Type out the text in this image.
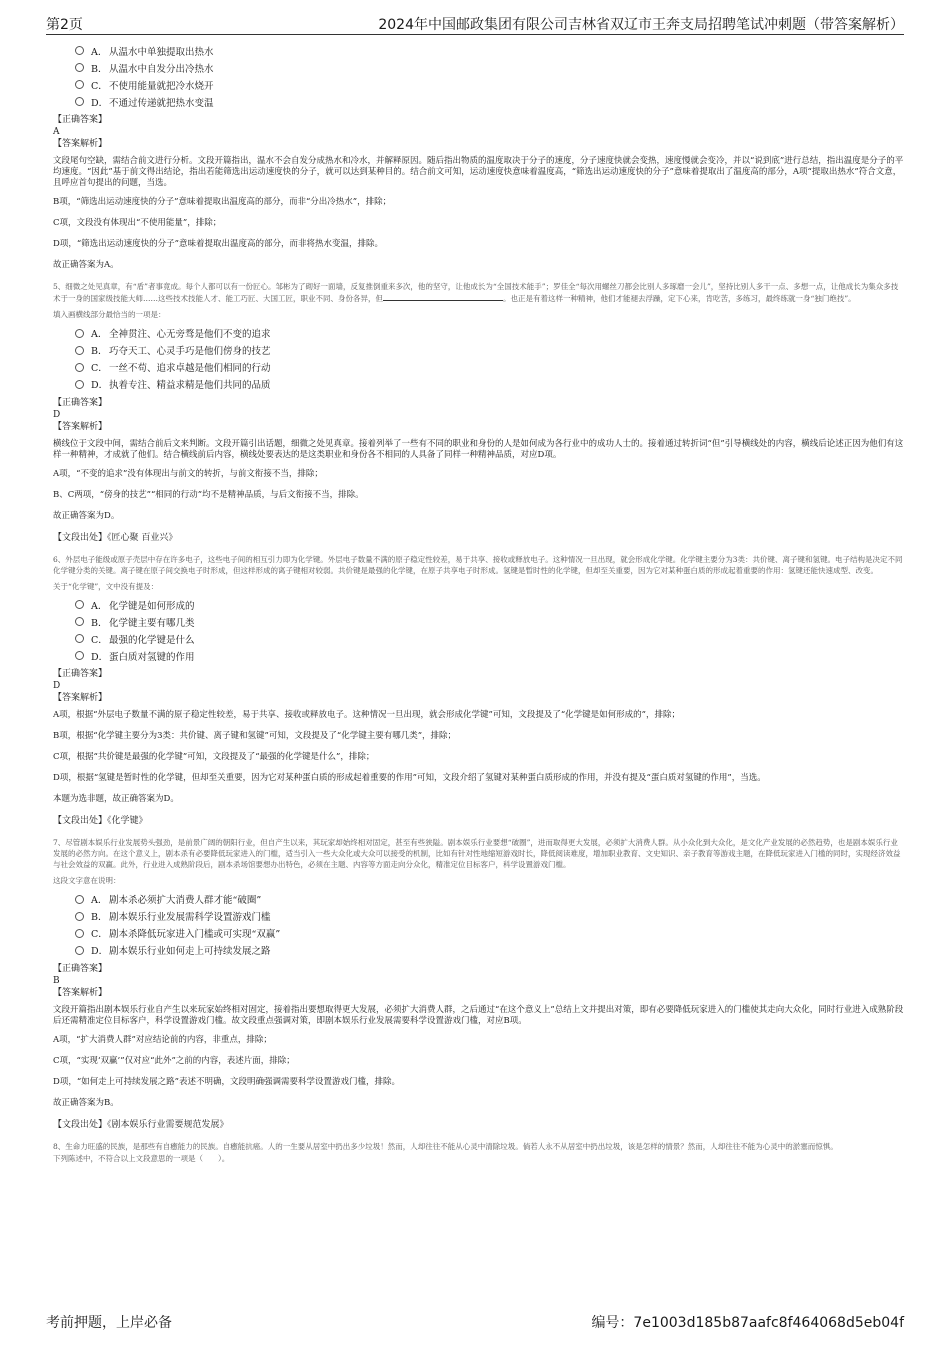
第2页	2024年中国邮政集团有限公司吉林省双辽市王奔支局招聘笔试冲刺题（带答案解析）
A． 从温水中单独提取出热水
B． 从温水中自发分出冷热水
C． 不使用能量就把冷水烧开
D． 不通过传递就把热水变温
【正确答案】
A
【答案解析】
文段尾句空缺，需结合前文进行分析。文段开篇指出，温水不会自发分成热水和冷水，并解释原因。随后指出物质的温度取决于分子的速度，分子速度快就会变热，速度慢就会变冷，并以“说到底”进行总结，指出温度是分子的平均速度。“因此”基于前文得出结论，指出若能筛选出运动速度快的分子，就可以达到某种目的。结合前文可知，运动速度快意味着温度高，“筛选出运动速度快的分子”意味着提取出了温度高的部分，A项“提取出热水”符合文意，且呼应首句提出的问题，当选。
B项，“筛选出运动速度快的分子”意味着提取出温度高的部分，而非“分出冷热水”，排除；
C项，文段没有体现出“不使用能量”，排除；
D项，“筛选出运动速度快的分子”意味着提取出温度高的部分，而非将热水变温，排除。
故正确答案为A。
5、细微之处见真章，有“盾”者事竟成。每个人都可以有一份匠心。邹彬为了砌好一面墙，反复推倒重来多次，他的坚守，让他成长为“全国技术能手”；罗佳全“每次用螺丝刀都会比别人多琢磨一会儿”，坚持比别人多干一点、多想一点，让他成长为集众多技术于一身的国家级技能大师……这些技术技能人才、能工巧匠、大国工匠，职业不同、身份各异，但	。也正是有着这样一种精神，他们才能褪去浮躁，定下心来，肯吃苦，多练习，最终练就一身“独门绝技”。
填入画横线部分最恰当的一项是：
A． 全神贯注、心无旁骛是他们不变的追求
B． 巧夺天工、心灵手巧是他们傍身的技艺
C． 一丝不苟、追求卓越是他们相同的行动
D． 执着专注、精益求精是他们共同的品质
【正确答案】
D
【答案解析】
横线位于文段中间，需结合前后文来判断。文段开篇引出话题，细微之处见真章。接着列举了一些有不同的职业和身份的人是如何成为各行业中的成功人士的。接着通过转折词“但”引导横线处的内容，横线后论述正因为他们有这样一种精神，才成就了他们。结合横线前后内容，横线处要表达的是这类职业和身份各不相同的人具备了同样一种精神品质，对应D项。
A项，“不变的追求”没有体现出与前文的转折，与前文衔接不当，排除；
B、C两项，“傍身的技艺”“相同的行动”均不是精神品质，与后文衔接不当，排除。
故正确答案为D。
【文段出处】《匠心聚 百业兴》
6、外层电子能级或原子壳层中存在许多电子，这些电子间的相互引力即为化学键。外层电子数量不满的原子稳定性较差，易于共享、接收或释放电子。这种情况一旦出现，就会形成化学键。化学键主要分为3类：共价键、离子键和氢键。电子结构是决定不同化学键分类的关键。离子键在原子间交换电子时形成，但这样形成的离子键相对较弱。共价键是最强的化学键，在原子共享电子时形成。氢键是暂时性的化学键，但却至关重要，因为它对某种蛋白质的形成起着重要的作用：氢键还能快速成型、改变。
关于“化学键”，文中没有提及：
A． 化学键是如何形成的
B． 化学键主要有哪几类
C． 最强的化学键是什么
D． 蛋白质对氢键的作用
【正确答案】
D
【答案解析】
A项，根据“外层电子数量不满的原子稳定性较差，易于共享、接收或释放电子。这种情况一旦出现，就会形成化学键”可知，文段提及了“化学键是如何形成的”，排除；
B项，根据“化学键主要分为3类：共价键、离子键和氢键”可知，文段提及了“化学键主要有哪几类”，排除；
C项，根据“共价键是最强的化学键”可知，文段提及了“最强的化学键是什么”，排除；
D项，根据“氢键是暂时性的化学键，但却至关重要，因为它对某种蛋白质的形成起着重要的作用”可知，文段介绍了氢键对某种蛋白质形成的作用，并没有提及“蛋白质对氢键的作用”，当选。
本题为选非题，故正确答案为D。
【文段出处】《化学键》
7、尽管剧本娱乐行业发展势头强劲，是前景广阔的朝阳行业，但自产生以来，其玩家却始终相对固定，甚至有些狭隘。剧本娱乐行业要想“破圈”，进而取得更大发展，必须扩大消费人群。从小众化到大众化，是文化产业发展的必然趋势，也是剧本娱乐行业发展的必然方向。在这个意义上，剧本杀有必要降低玩家进入的门槛，适当引入一些大众化或大众可以接受的机制，比如有针对性地缩短游戏时长，降低阅读难度，增加职业教育、文史知识、亲子教育等游戏主题，在降低玩家进入门槛的同时，实现经济效益与社会效益的双赢。此外，行业进入成熟阶段后，剧本杀场馆要想办出特色，必须在主题、内容等方面走向分众化，精准定位目标客户，科学设置游戏门槛。
这段文字意在说明：
A． 剧本杀必须扩大消费人群才能“破圈”
B． 剧本娱乐行业发展需科学设置游戏门槛
C． 剧本杀降低玩家进入门槛或可实现“双赢”
D． 剧本娱乐行业如何走上可持续发展之路
【正确答案】
B
【答案解析】
文段开篇指出剧本娱乐行业自产生以来玩家始终相对固定，接着指出要想取得更大发展，必须扩大消费人群，之后通过“在这个意义上”总结上文并提出对策，即有必要降低玩家进入的门槛使其走向大众化，同时行业进入成熟阶段后还需精准定位目标客户，科学设置游戏门槛。故文段重点强调对策，即剧本娱乐行业发展需要科学设置游戏门槛，对应B项。
A项，“扩大消费人群”对应结论前的内容，非重点，排除；
C项，“实现‘双赢’”仅对应“此外”之前的内容，表述片面，排除；
D项，“如何走上可持续发展之路”表述不明确，文段明确强调需要科学设置游戏门槛，排除。
故正确答案为B。
【文段出处】《剧本娱乐行业需要规范发展》
8、生命力旺盛的民族，是那些有自癒能力的民族。自癒能抗癌。人的一生要从居室中扔出多少垃圾！然而，人却往往不能从心灵中清除垃圾。倘若人永不从居室中扔出垃圾，该是怎样的情景？然而，人却往往不能为心灵中的淤塞而惊惧。
下列陈述中，不符合以上文段意思的一项是（　　）。
考前押题，上岸必备	编号：7e1003d185b87aafc8f464068d5eb04f
